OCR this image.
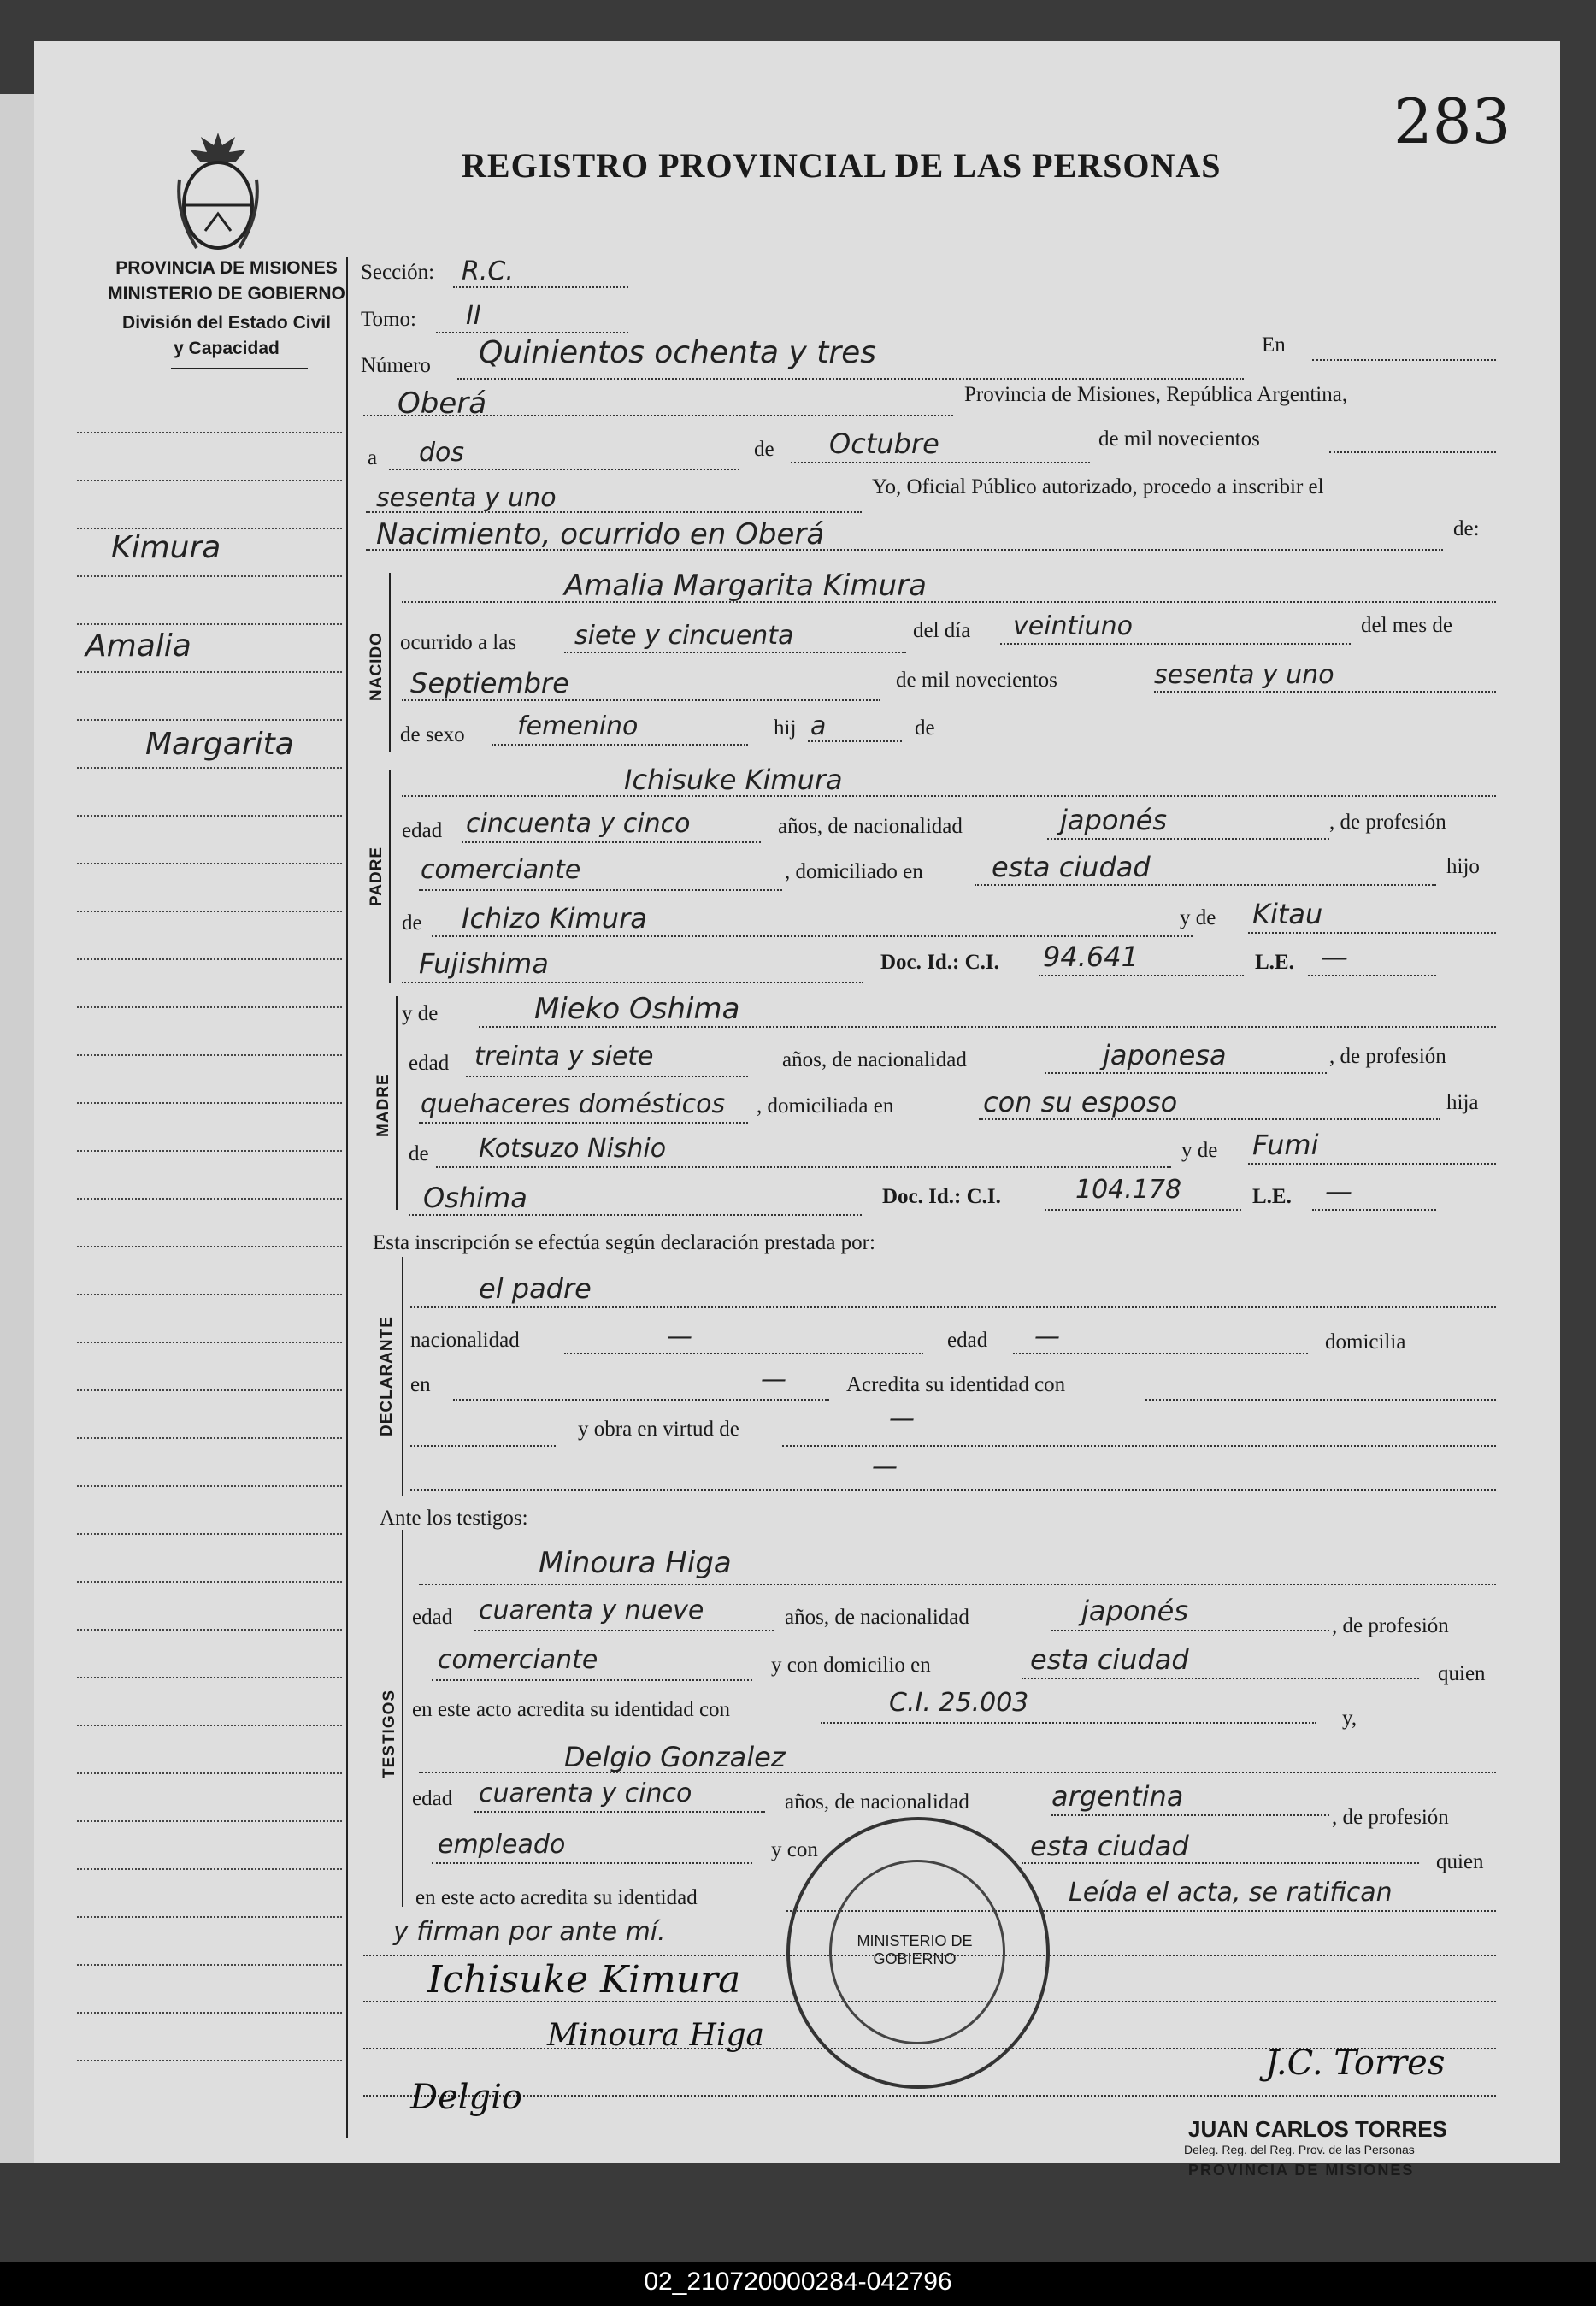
283
REGISTRO PROVINCIAL DE LAS PERSONAS
PROVINCIA DE MISIONES
MINISTERIO DE GOBIERNO
División del Estado Civil
y Capacidad
Kimura
Amalia
Margarita
Sección: R.C.
Tomo: II
Número Quinientos ochenta y tres	En
Oberá	Provincia de Misiones, República Argentina,
a dos	de Octubre	de mil novecientos
sesenta y uno	Yo, Oficial Público autorizado, procedo a inscribir el
Nacimiento, ocurrido en Oberá	de:
NACIDO
Amalia Margarita Kimura
ocurrido a las siete y cincuenta	del día veintiuno	del mes de
Septiembre	de mil novecientos	sesenta y uno
de sexo femenino	hij a	de
PADRE
Ichisuke Kimura
edad cincuenta y cinco	años, de nacionalidad	japonés	, de profesión
comerciante	, domiciliado en	esta ciudad	hijo
de Ichizo Kimura	y de Kitau
Fujishima	Doc. Id.: C.I. 94.641	L.E. —
MADRE
y de	Mieko Oshima
edad treinta y siete	años, de nacionalidad	japonesa	, de profesión
quehaceres domésticos , domiciliada en	con su esposo	hija
de Kotsuzo Nishio	y de Fumi
Oshima	Doc. Id.: C.I.	104.178	L.E. —
Esta inscripción se efectúa según declaración prestada por:
DECLARANTE
el padre
nacionalidad	—	edad —	domicilia
en	—	Acredita su identidad con
y obra en virtud de	—
—
Ante los testigos:
TESTIGOS
Minoura Higa
edad cuarenta y nueve	años, de nacionalidad	japonés	, de profesión
comerciante	y con domicilio en	esta ciudad	quien
en este acto acredita su identidad con	C.I. 25.003
y,
Delgio Gonzalez
edad cuarenta y cinco	años, de nacionalidad	argentina
, de profesión
empleado	y con	esta ciudad	quien
en este acto acredita su identidad	Leída el acta, se ratifican
y firman por ante mí.	MINISTERIO DE GOBIERNO
Ichisuke Kimura
Minoura Higa
Delgio
J.C. Torres
JUAN CARLOS TORRES
Deleg. Reg. del Reg. Prov. de las Personas
PROVINCIA DE MISIONES
02_210720000284-042796
